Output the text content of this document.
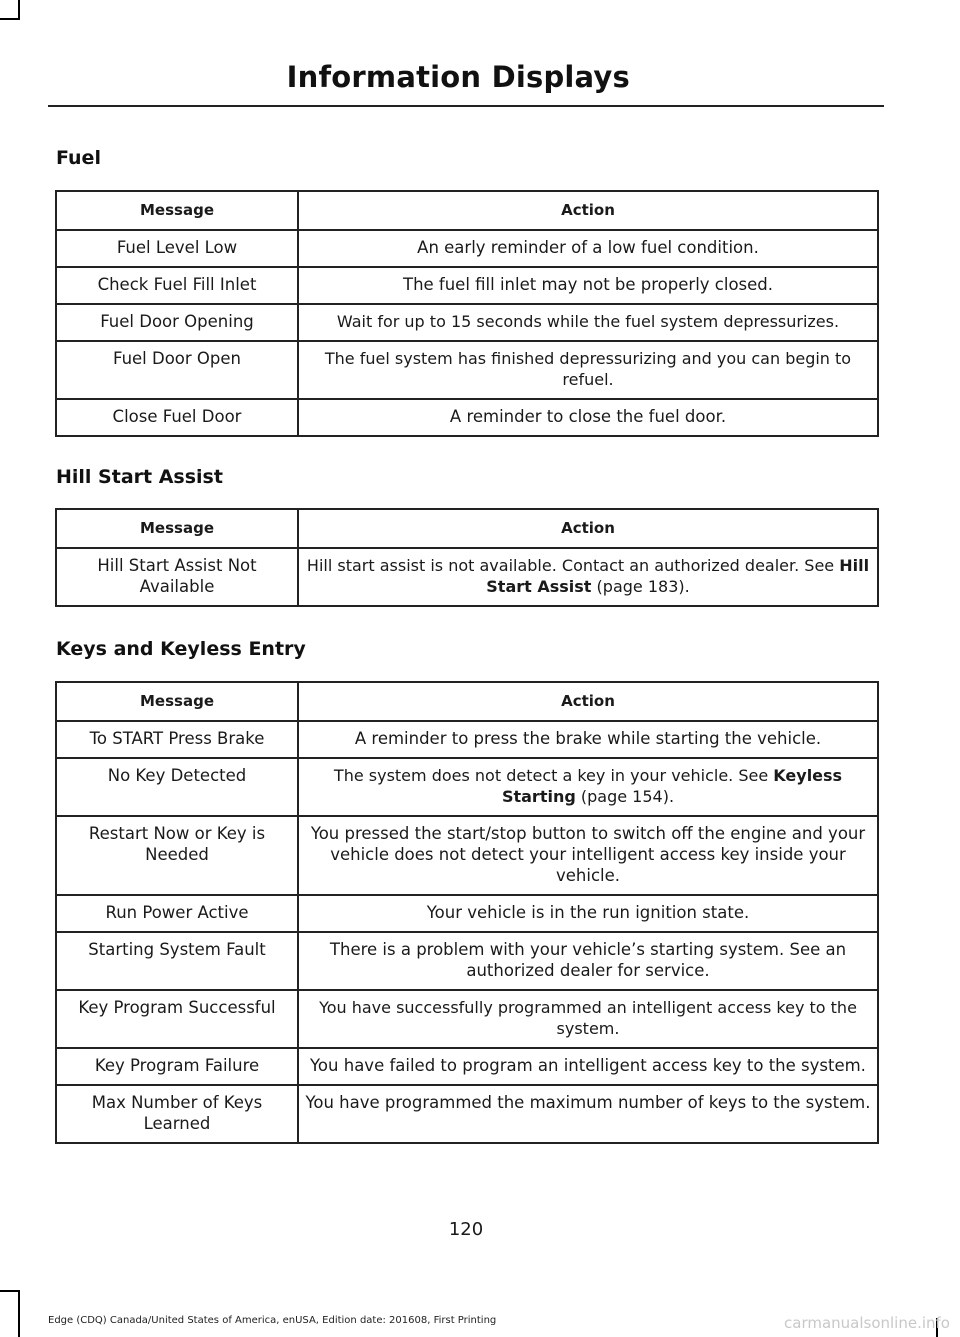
Information Displays
Fuel
Message	Action
Fuel Level Low	An early reminder of a low fuel condition.
Check Fuel Fill Inlet	The fuel fill inlet may not be properly closed.
Fuel Door Opening	Wait for up to 15 seconds while the fuel system depressurizes.
Fuel Door Open	The fuel system has finished depressurizing and you can begin to refuel.
Close Fuel Door	A reminder to close the fuel door.
Hill Start Assist
Message	Action
Hill Start Assist Not Available	Hill start assist is not available. Contact an authorized dealer. See Hill Start Assist (page 183).
Keys and Keyless Entry
Message	Action
To START Press Brake	A reminder to press the brake while starting the vehicle.
No Key Detected	The system does not detect a key in your vehicle. See Keyless Starting (page 154).
Restart Now or Key is Needed	You pressed the start/stop button to switch off the engine and your vehicle does not detect your intelligent access key inside your vehicle.
Run Power Active	Your vehicle is in the run ignition state.
Starting System Fault	There is a problem with your vehicle’s starting system. See an authorized dealer for service.
Key Program Successful	You have successfully programmed an intelligent access key to the system.
Key Program Failure	You have failed to program an intelligent access key to the system.
Max Number of Keys Learned	You have programmed the maximum number of keys to the system.
120
Edge (CDQ) Canada/United States of America, enUSA, Edition date: 201608, First Printing	carmanualsonline.info
